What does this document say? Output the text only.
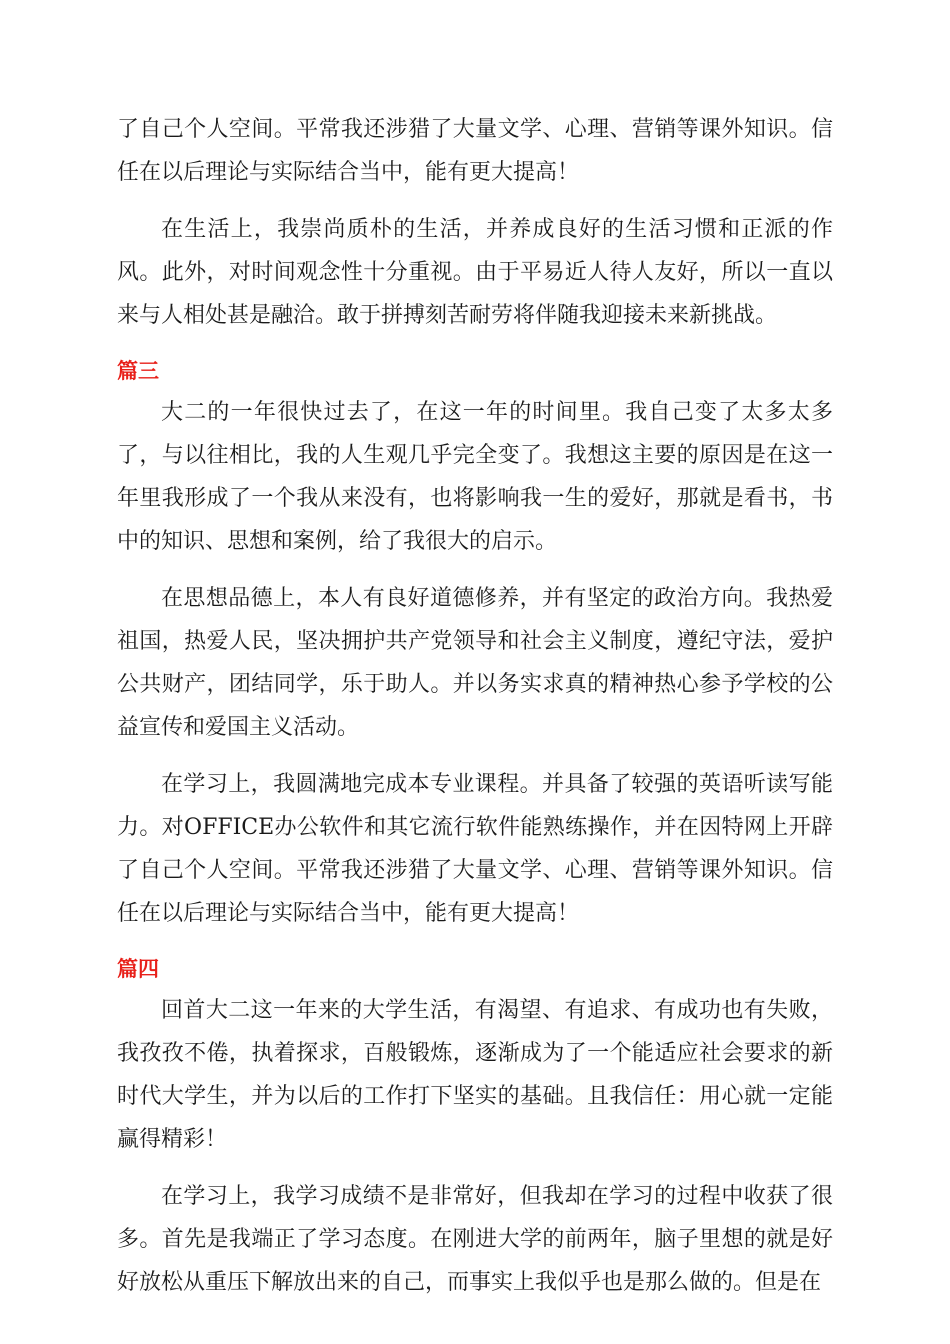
了自己个人空间。平常我还涉猎了大量文学、心理、营销等课外知识。信任在以后理论与实际结合当中，能有更大提高！

在生活上，我崇尚质朴的生活，并养成良好的生活习惯和正派的作风。此外，对时间观念性十分重视。由于平易近人待人友好，所以一直以来与人相处甚是融洽。敢于拼搏刻苦耐劳将伴随我迎接未来新挑战。

篇三

大二的一年很快过去了，在这一年的时间里。我自己变了太多太多了，与以往相比，我的人生观几乎完全变了。我想这主要的原因是在这一年里我形成了一个我从来没有，也将影响我一生的爱好，那就是看书，书中的知识、思想和案例，给了我很大的启示。

在思想品德上，本人有良好道德修养，并有坚定的政治方向。我热爱祖国，热爱人民，坚决拥护共产党领导和社会主义制度，遵纪守法，爱护公共财产，团结同学，乐于助人。并以务实求真的精神热心参予学校的公益宣传和爱国主义活动。

在学习上，我圆满地完成本专业课程。并具备了较强的英语听读写能力。对OFFICE办公软件和其它流行软件能熟练操作，并在因特网上开辟了自己个人空间。平常我还涉猎了大量文学、心理、营销等课外知识。信任在以后理论与实际结合当中，能有更大提高！

篇四

回首大二这一年来的大学生活，有渴望、有追求、有成功也有失败，我孜孜不倦，执着探求，百般锻炼，逐渐成为了一个能适应社会要求的新时代大学生，并为以后的工作打下坚实的基础。且我信任：用心就一定能赢得精彩！

在学习上，我学习成绩不是非常好，但我却在学习的过程中收获了很多。首先是我端正了学习态度。在刚进大学的前两年，脑子里想的就是好好放松从重压下解放出来的自己，而事实上我似乎也是那么做的。但是在
